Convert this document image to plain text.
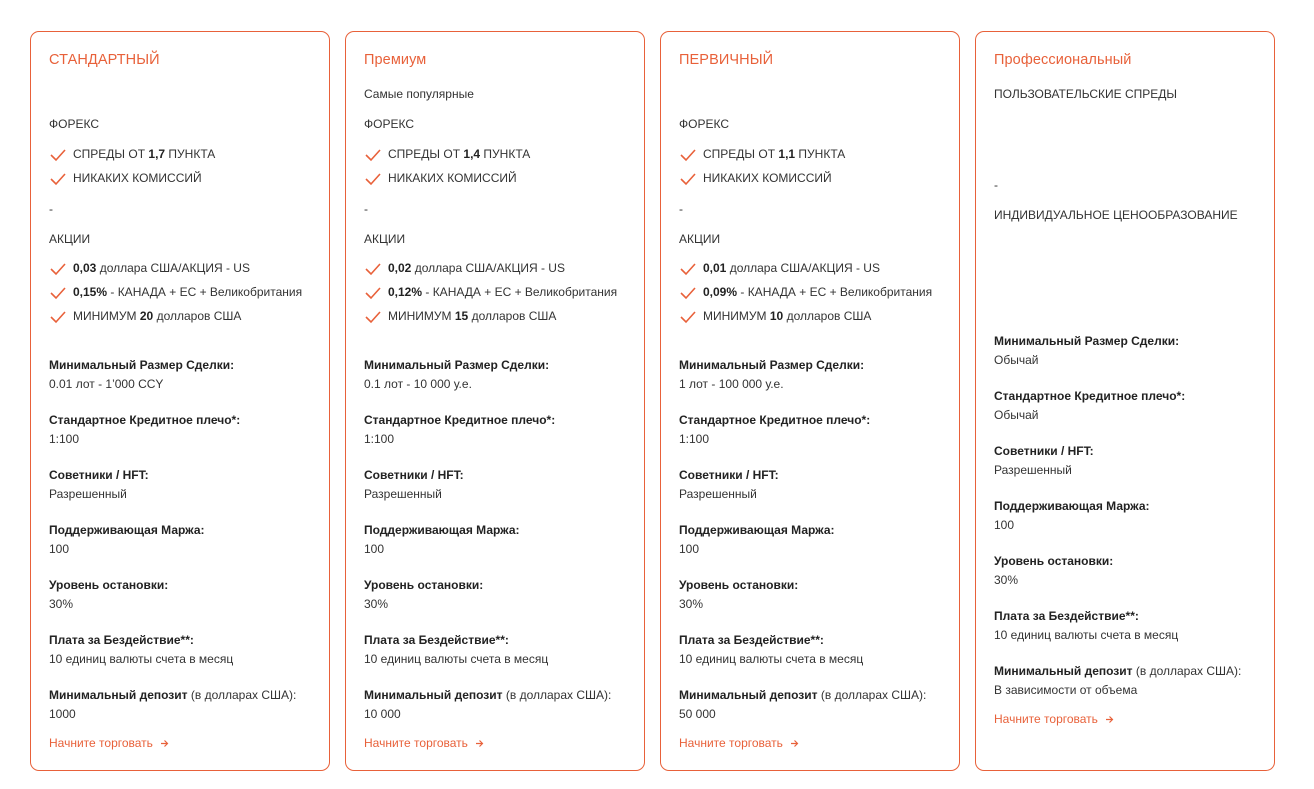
СТАНДАРТНЫЙ
ФОРЕКС
СПРЕДЫ ОТ 1,7 ПУНКТА
НИКАКИХ КОМИССИЙ
-
АКЦИИ
0,03 доллара США/АКЦИЯ - US
0,15% - КАНАДА + ЕС + Великобритания
МИНИМУМ 20 долларов США
Минимальный Размер Сделки:
0.01 лот - 1’000 CCY
Стандартное Кредитное плечо*:
1:100
Советники / HFT:
Разрешенный
Поддерживающая Маржа:
100
Уровень остановки:
30%
Плата за Бездействие**:
10 единиц валюты счета в месяц
Минимальный депозит (в долларах США):
1000
Начните торговать
Премиум
Самые популярные
ФОРЕКС
СПРЕДЫ ОТ 1,4 ПУНКТА
НИКАКИХ КОМИССИЙ
-
АКЦИИ
0,02 доллара США/АКЦИЯ - US
0,12% - КАНАДА + ЕС + Великобритания
МИНИМУМ 15 долларов США
Минимальный Размер Сделки:
0.1 лот - 10 000 у.е.
Стандартное Кредитное плечо*:
1:100
Советники / HFT:
Разрешенный
Поддерживающая Маржа:
100
Уровень остановки:
30%
Плата за Бездействие**:
10 единиц валюты счета в месяц
Минимальный депозит (в долларах США):
10 000
Начните торговать
ПЕРВИЧНЫЙ
ФОРЕКС
СПРЕДЫ ОТ 1,1 ПУНКТА
НИКАКИХ КОМИССИЙ
-
АКЦИИ
0,01 доллара США/АКЦИЯ - US
0,09% - КАНАДА + ЕС + Великобритания
МИНИМУМ 10 долларов США
Минимальный Размер Сделки:
1 лот - 100 000 у.е.
Стандартное Кредитное плечо*:
1:100
Советники / HFT:
Разрешенный
Поддерживающая Маржа:
100
Уровень остановки:
30%
Плата за Бездействие**:
10 единиц валюты счета в месяц
Минимальный депозит (в долларах США):
50 000
Начните торговать
Профессиональный
ПОЛЬЗОВАТЕЛЬСКИЕ СПРЕДЫ
-
ИНДИВИДУАЛЬНОЕ ЦЕНООБРАЗОВАНИЕ
Минимальный Размер Сделки:
Обычай
Стандартное Кредитное плечо*:
Обычай
Советники / HFT:
Разрешенный
Поддерживающая Маржа:
100
Уровень остановки:
30%
Плата за Бездействие**:
10 единиц валюты счета в месяц
Минимальный депозит (в долларах США):
В зависимости от объема
Начните торговать
